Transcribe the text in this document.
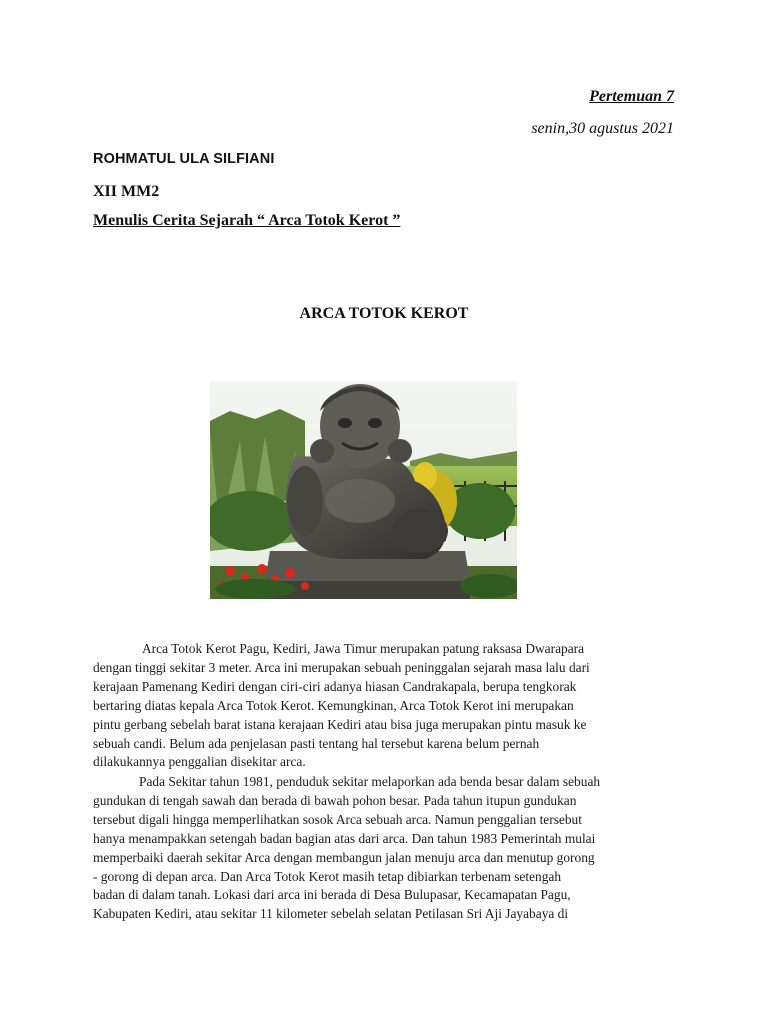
Pertemuan 7
senin,30 agustus 2021
ROHMATUL ULA SILFIANI
XII MM2
Menulis Cerita Sejarah “ Arca Totok Kerot ”
ARCA TOTOK KEROT
Arca Totok Kerot Pagu, Kediri, Jawa Timur merupakan patung raksasa Dwarapara
dengan tinggi sekitar 3 meter. Arca ini merupakan sebuah peninggalan sejarah masa lalu dari
kerajaan Pamenang Kediri dengan ciri-ciri adanya hiasan Candrakapala, berupa tengkorak
bertaring diatas kepala Arca Totok Kerot. Kemungkinan, Arca Totok Kerot ini merupakan
pintu gerbang sebelah barat istana kerajaan Kediri atau bisa juga merupakan pintu masuk ke
sebuah candi. Belum ada penjelasan pasti tentang hal tersebut karena belum pernah
dilakukannya penggalian disekitar arca.
Pada Sekitar tahun 1981, penduduk sekitar melaporkan ada benda besar dalam sebuah
gundukan di tengah sawah dan berada di bawah pohon besar. Pada tahun itupun gundukan
tersebut digali hingga memperlihatkan sosok Arca sebuah arca. Namun penggalian tersebut
hanya menampakkan setengah badan bagian atas dari arca. Dan tahun 1983 Pemerintah mulai
memperbaiki daerah sekitar Arca dengan membangun jalan menuju arca dan menutup gorong
- gorong di depan arca. Dan Arca Totok Kerot masih tetap dibiarkan terbenam setengah
badan di dalam tanah. Lokasi dari arca ini berada di Desa Bulupasar, Kecamapatan Pagu,
Kabupaten Kediri, atau sekitar 11 kilometer sebelah selatan Petilasan Sri Aji Jayabaya di
